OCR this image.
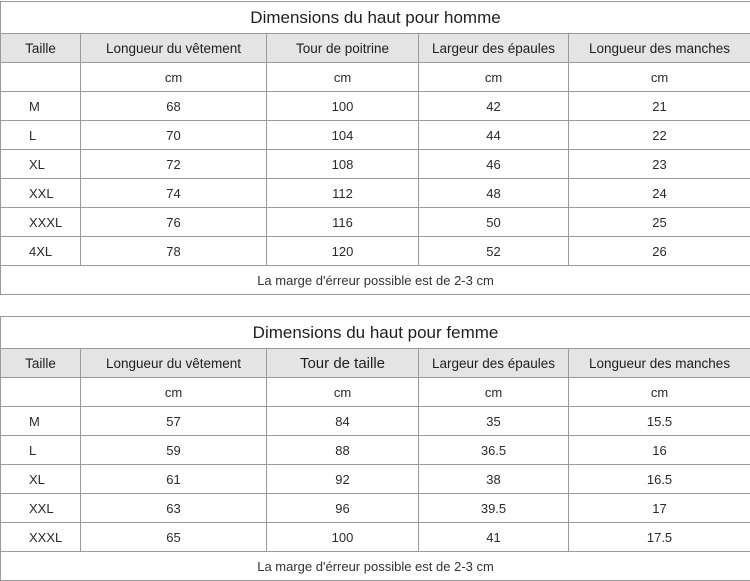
Dimensions du haut pour homme				
Taille	Longueur du vêtement	Tour de poitrine	Largeur des épaules	Longueur des manches
	cm	cm	cm	cm
M	68	100	42	21
L	70	104	44	22
XL	72	108	46	23
XXL	74	112	48	24
XXXL	76	116	50	25
4XL	78	120	52	26
La marge d'érreur possible est de 2-3 cm				
Dimensions du haut pour femme				
Taille	Longueur du vêtement	Tour de taille	Largeur des épaules	Longueur des manches
	cm	cm	cm	cm
M	57	84	35	15.5
L	59	88	36.5	16
XL	61	92	38	16.5
XXL	63	96	39.5	17
XXXL	65	100	41	17.5
La marge d'érreur possible est de 2-3 cm				
